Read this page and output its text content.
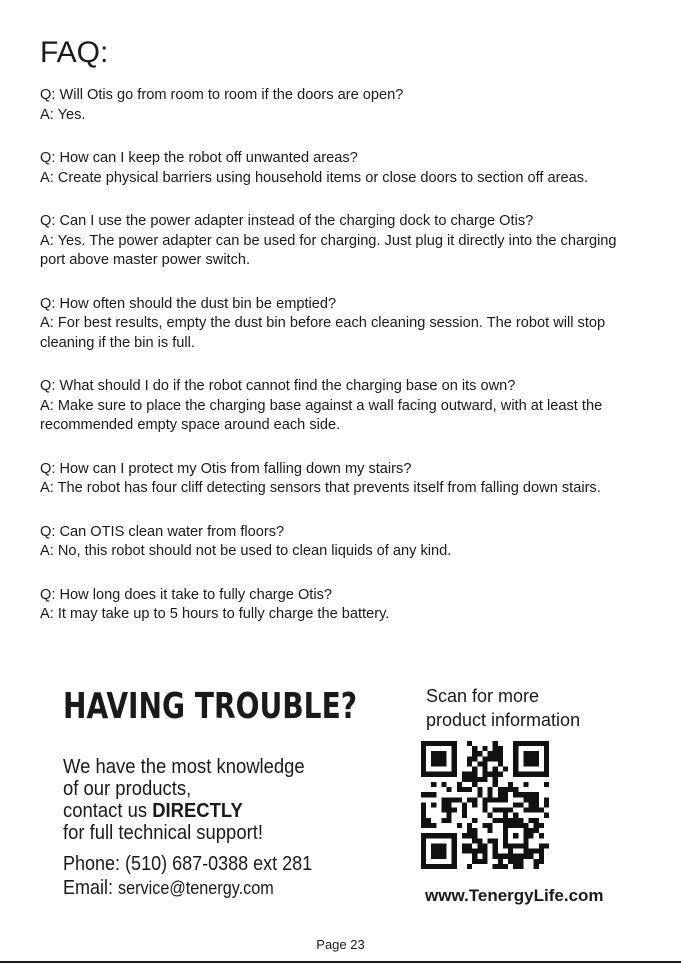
FAQ:

Q: Will Otis go from room to room if the doors are open?

A: Yes.

Q: How can I keep the robot off unwanted areas?

A: Create physical barriers using household items or close doors to section off areas.

Q: Can I use the power adapter instead of the charging dock to charge Otis?

A: Yes. The power adapter can be used for charging. Just plug it directly into the charging port above master power switch.

Q: How often should the dust bin be emptied?

A: For best results, empty the dust bin before each cleaning session. The robot will stop cleaning if the bin is full.

Q: What should I do if the robot cannot find the charging base on its own?

A: Make sure to place the charging base against a wall facing outward, with at least the recommended empty space around each side.

Q: How can I protect my Otis from falling down my stairs?

A: The robot has four cliff detecting sensors that prevents itself from falling down stairs.

Q: Can OTIS clean water from floors?

A: No, this robot should not be used to clean liquids of any kind.

Q: How long does it take to fully charge Otis?

A: It may take up to 5 hours to fully charge the battery.

HAVING TROUBLE?
We have the most knowledge
of our products,
contact us DIRECTLY
for full technical support!
Phone: (510) 687-0388 ext 281
Email: service@tenergy.com
Scan for more
product information
www.TenergyLife.com
Page 23
